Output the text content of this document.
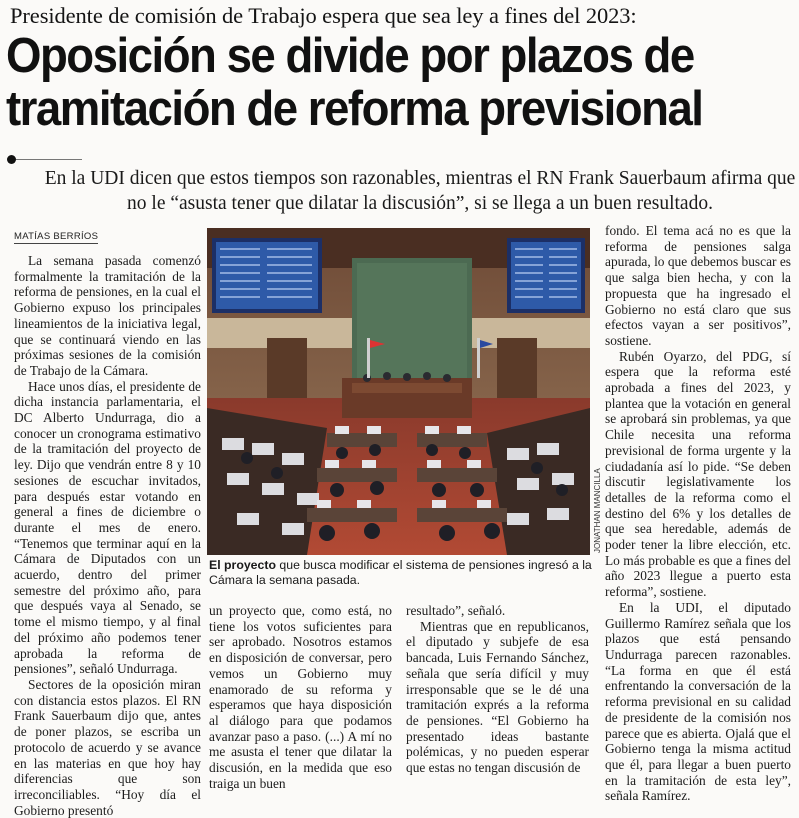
Presidente de comisión de Trabajo espera que sea ley a fines del 2023:
Oposición se divide por plazos de tramitación de reforma previsional
En la UDI dicen que estos tiempos son razonables, mientras el RN Frank Sauerbaum afirma que no le “asusta tener que dilatar la discusión”, si se llega a un buen resultado.
MATÍAS BERRÍOS

La semana pasada comenzó formalmente la tramitación de la reforma de pensiones, en la cual el Gobierno expuso los principales lineamientos de la iniciativa legal, que se continuará viendo en las próximas sesiones de la comisión de Trabajo de la Cámara.

Hace unos días, el presidente de dicha instancia parlamentaria, el DC Alberto Undurraga, dio a conocer un cronograma estimativo de la tramitación del proyecto de ley. Dijo que vendrán entre 8 y 10 sesiones de escuchar invitados, para después estar votando en general a fines de diciembre o durante el mes de enero. “Tenemos que terminar aquí en la Cámara de Diputados con un acuerdo, dentro del primer semestre del próximo año, para que después vaya al Senado, se tome el mismo tiempo, y al final del próximo año podemos tener aprobada la reforma de pensiones”, señaló Undurraga.

Sectores de la oposición miran con distancia estos plazos. El RN Frank Sauerbaum dijo que, antes de poner plazos, se escriba un protocolo de acuerdo y se avance en las materias en que hoy hay diferencias que son irreconciliables. “Hoy día el Gobierno presentó

JONATHAN MANCILLA
El proyecto que busca modificar el sistema de pensiones ingresó a la Cámara la semana pasada.

un proyecto que, como está, no tiene los votos suficientes para ser aprobado. Nosotros estamos en disposición de conversar, pero vemos un Gobierno muy enamorado de su reforma y esperamos que haya disposición al diálogo para que podamos avanzar paso a paso. (...) A mí no me asusta el tener que dilatar la discusión, en la medida que eso traiga un buen

resultado”, señaló.

Mientras que en republicanos, el diputado y subjefe de esa bancada, Luis Fernando Sánchez, señala que sería difícil y muy irresponsable que se le dé una tramitación exprés a la reforma de pensiones. “El Gobierno ha presentado ideas bastante polémicas, y no pueden esperar que estas no tengan discusión de

fondo. El tema acá no es que la reforma de pensiones salga apurada, lo que debemos buscar es que salga bien hecha, y con la propuesta que ha ingresado el Gobierno no está claro que sus efectos vayan a ser positivos”, sostiene.

Rubén Oyarzo, del PDG, sí espera que la reforma esté aprobada a fines del 2023, y plantea que la votación en general se aprobará sin problemas, ya que Chile necesita una reforma previsional de forma urgente y la ciudadanía así lo pide. “Se deben discutir legislativamente los detalles de la reforma como el destino del 6% y los detalles de que sea heredable, además de poder tener la libre elección, etc. Lo más probable es que a fines del año 2023 llegue a puerto esta reforma”, sostiene.

En la UDI, el diputado Guillermo Ramírez señala que los plazos que está pensando Undurraga parecen razonables. “La forma en que él está enfrentando la conversación de la reforma previsional en su calidad de presidente de la comisión nos parece que es abierta. Ojalá que el Gobierno tenga la misma actitud que él, para llegar a buen puerto en la tramitación de esta ley”, señala Ramírez.
